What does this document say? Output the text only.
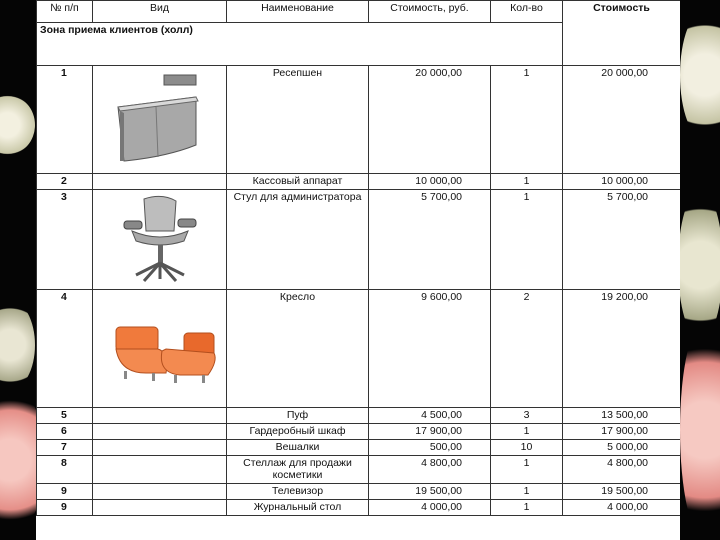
№ п/п	Вид	Наименование	Стоимость, руб.	Кол-во	Стоимость
Зона приема клиентов (холл)					
1		Ресепшен	20 000,00	1	20 000,00
2		Кассовый аппарат	10 000,00	1	10 000,00
3		Стул для администратора	5 700,00	1	5 700,00
4		Кресло	9 600,00	2	19 200,00
5		Пуф	4 500,00	3	13 500,00
6		Гардеробный шкаф	17 900,00	1	17 900,00
7		Вешалки	500,00	10	5 000,00
8		Стеллаж для продажи косметики	4 800,00	1	4 800,00
9		Телевизор	19 500,00	1	19 500,00
9		Журнальный стол	4 000,00	1	4 000,00
